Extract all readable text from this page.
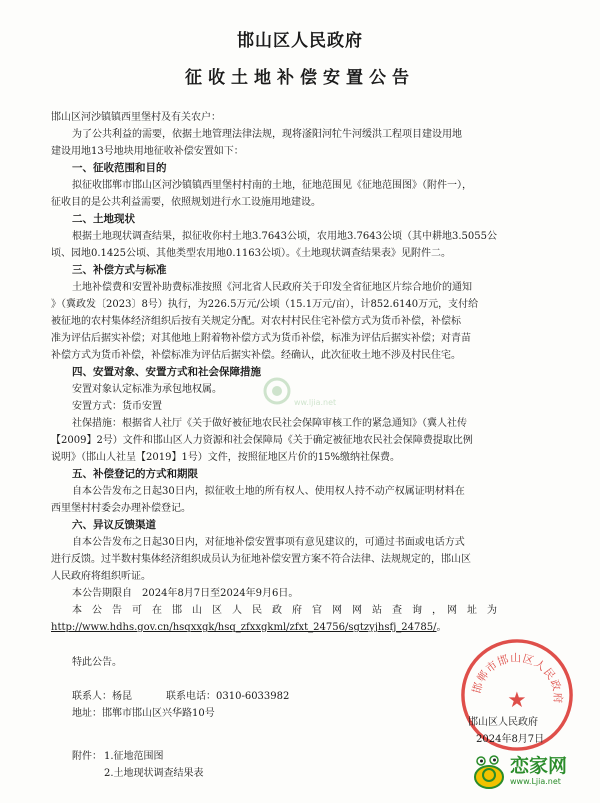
邯山区人民政府
征收土地补偿安置公告
邯山区河沙镇镇西里堡村及有关农户：
为了公共利益的需要，依据土地管理法律法规，现将滏阳河牤牛河缓洪工程项目建设用地
建设用地13号地块用地征收补偿安置如下：
一、征收范围和目的
拟征收邯郸市邯山区河沙镇镇西里堡村村南的土地，征地范围见《征地范围图》（附件一），
征收目的是公共利益需要，依照规划进行水工设施用地建设。
二、土地现状
根据土地现状调查结果，拟征收你村土地3.7643公顷，农用地3.7643公顷（其中耕地3.5055公
顷、园地0.1425公顷、其他类型农用地0.1163公顷）。《土地现状调查结果表》见附件二。
三、补偿方式与标准
土地补偿费和安置补助费标准按照《河北省人民政府关于印发全省征地区片综合地价的通知
》（冀政发〔2023〕8号）执行，为226.5万元/公顷（15.1万元/亩），计852.6140万元，支付给
被征地的农村集体经济组织后按有关规定分配。对农村村民住宅补偿方式为货币补偿，补偿标
准为评估后据实补偿；对其他地上附着物补偿方式为货币补偿，标准为评估后据实补偿；对青苗
补偿方式为货币补偿，补偿标准为评估后据实补偿。经确认，此次征收土地不涉及村民住宅。
四、安置对象、安置方式和社会保障措施
安置对象认定标准为承包地权属。
安置方式：货币安置
社保措施：根据省人社厅《关于做好被征地农民社会保障审核工作的紧急通知》（冀人社传
【2009】2号）文件和邯山区人力资源和社会保障局《关于确定被征地农民社会保障费提取比例
说明》（邯山人社呈【2019】1号）文件，按照征地区片价的15%缴纳社保费。
五、补偿登记的方式和期限
自本公告发布之日起30日内，拟征收土地的所有权人、使用权人持不动产权属证明材料在
西里堡村村委会办理补偿登记。
六、异议反馈渠道
自本公告发布之日起30日内，对征地补偿安置事项有意见建议的，可通过书面或电话方式
进行反馈。过半数村集体经济组织成员认为征地补偿安置方案不符合法律、法规规定的，邯山区
人民政府将组织听证。
本公告期限自　2024年8月7日至2024年9月6日。
本　公　告　可　在　邯　山　区　人　民　政　府　官　网　网　站　查　询　，　网　址　为
http://www.hdhs.gov.cn/hsqxxgk/hsq_zfxxgkml/zfxt_24756/sgtzyjhsfj_24785/。
特此公告。
联系人：杨昆	联系电话：0310-6033982
地址：邯郸市邯山区兴华路10号
邯郸市邯山区人民政府
★
邯山区人民政府
2024年8月7日
附件： 1.征地范围图
2.土地现状调查结果表
ww.ljia.net
恋家网
www.Ljia.net
